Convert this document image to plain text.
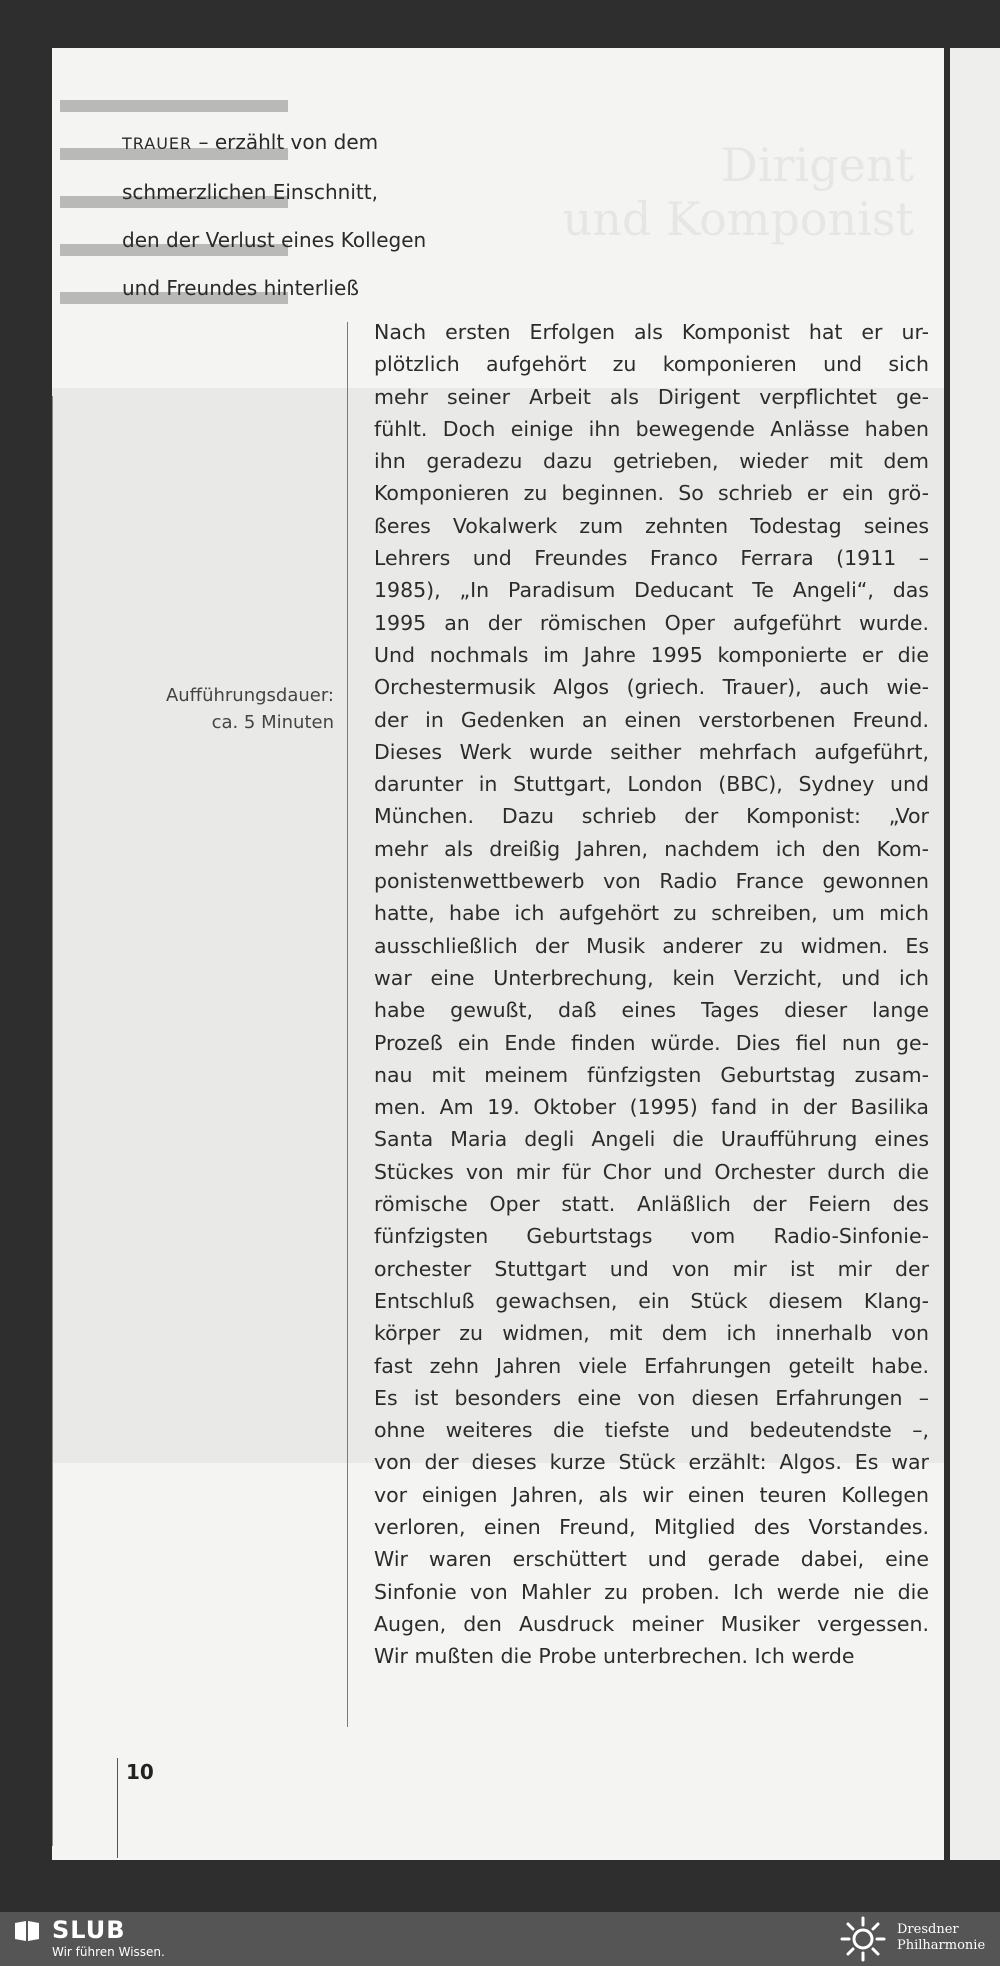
Dirigent
und Komponist
TRAUER – erzählt von dem
schmerzlichen Einschnitt,
den der Verlust eines Kollegen
und Freundes hinterließ
Aufführungsdauer:
ca. 5 Minuten
Nach ersten Erfolgen als Komponist hat er ur-
plötzlich aufgehört zu komponieren und sich
mehr seiner Arbeit als Dirigent verpflichtet ge-
fühlt. Doch einige ihn bewegende Anlässe haben
ihn geradezu dazu getrieben, wieder mit dem
Komponieren zu beginnen. So schrieb er ein grö-
ßeres Vokalwerk zum zehnten Todestag seines
Lehrers und Freundes Franco Ferrara (1911 –
1985), „In Paradisum Deducant Te Angeli“, das
1995 an der römischen Oper aufgeführt wurde.
Und nochmals im Jahre 1995 komponierte er die
Orchestermusik Algos (griech. Trauer), auch wie-
der in Gedenken an einen verstorbenen Freund.
Dieses Werk wurde seither mehrfach aufgeführt,
darunter in Stuttgart, London (BBC), Sydney und
München. Dazu schrieb der Komponist: „Vor
mehr als dreißig Jahren, nachdem ich den Kom-
ponistenwettbewerb von Radio France gewonnen
hatte, habe ich aufgehört zu schreiben, um mich
ausschließlich der Musik anderer zu widmen. Es
war eine Unterbrechung, kein Verzicht, und ich
habe gewußt, daß eines Tages dieser lange
Prozeß ein Ende finden würde. Dies fiel nun ge-
nau mit meinem fünfzigsten Geburtstag zusam-
men. Am 19. Oktober (1995) fand in der Basilika
Santa Maria degli Angeli die Uraufführung eines
Stückes von mir für Chor und Orchester durch die
römische Oper statt. Anläßlich der Feiern des
fünfzigsten Geburtstags vom Radio-Sinfonie-
orchester Stuttgart und von mir ist mir der
Entschluß gewachsen, ein Stück diesem Klang-
körper zu widmen, mit dem ich innerhalb von
fast zehn Jahren viele Erfahrungen geteilt habe.
Es ist besonders eine von diesen Erfahrungen –
ohne weiteres die tiefste und bedeutendste –,
von der dieses kurze Stück erzählt: Algos. Es war
vor einigen Jahren, als wir einen teuren Kollegen
verloren, einen Freund, Mitglied des Vorstandes.
Wir waren erschüttert und gerade dabei, eine
Sinfonie von Mahler zu proben. Ich werde nie die
Augen, den Ausdruck meiner Musiker vergessen.
Wir mußten die Probe unterbrechen. Ich werde
10
SLUB
Wir führen Wissen.
Dresdner
Philharmonie
